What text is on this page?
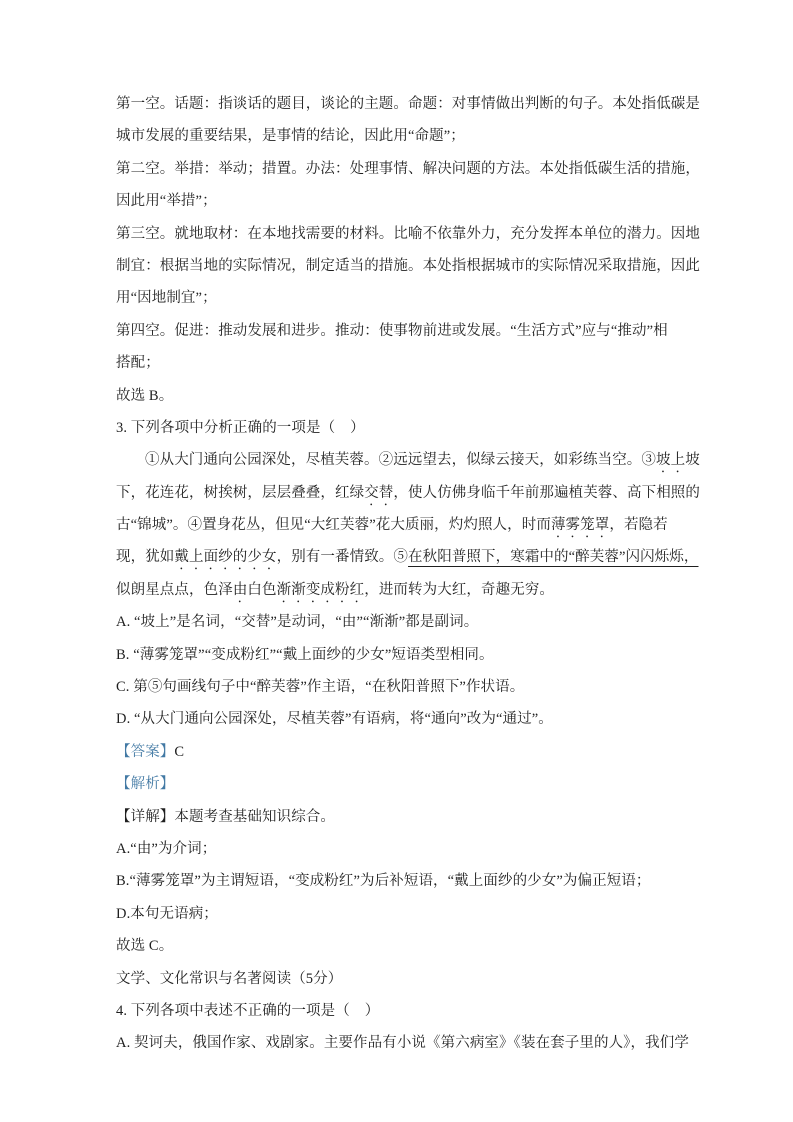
第一空。话题：指谈话的题目，谈论的主题。命题：对事情做出判断的句子。本处指低碳是
城市发展的重要结果，是事情的结论，因此用“命题”；
第二空。举措：举动；措置。办法：处理事情、解决问题的方法。本处指低碳生活的措施，
因此用“举措”；
第三空。就地取材：在本地找需要的材料。比喻不依靠外力，充分发挥本单位的潜力。因地
制宜：根据当地的实际情况，制定适当的措施。本处指根据城市的实际情况采取措施，因此
用“因地制宜”；
第四空。促进：推动发展和进步。推动：使事物前进或发展。“生活方式”应与“推动”相
搭配；
故选 B。
3. 下列各项中分析正确的一项是（    ）
①从大门通向公园深处，尽植芙蓉。②远远望去，似绿云接天，如彩练当空。③坡上坡
下，花连花，树挨树，层层叠叠，红绿交替，使人仿佛身临千年前那遍植芙蓉、高下相照的
古“锦城”。④置身花丛，但见“大红芙蓉”花大质丽，灼灼照人，时而薄雾笼罩，若隐若
现，犹如戴上面纱的少女，别有一番情致。⑤在秋阳普照下，寒霜中的“醉芙蓉”闪闪烁烁，
似朗星点点，色泽由白色渐渐变成粉红，进而转为大红，奇趣无穷。
A. “坡上”是名词，“交替”是动词，“由”“渐渐”都是副词。
B. “薄雾笼罩”“变成粉红”“戴上面纱的少女”短语类型相同。
C. 第⑤句画线句子中“醉芙蓉”作主语，“在秋阳普照下”作状语。
D. “从大门通向公园深处，尽植芙蓉”有语病，将“通向”改为“通过”。
【答案】C
【解析】
【详解】本题考查基础知识综合。
A.“由”为介词；
B.“薄雾笼罩”为主谓短语，“变成粉红”为后补短语，“戴上面纱的少女”为偏正短语；
D.本句无语病；
故选 C。
文学、文化常识与名著阅读（5分）
4. 下列各项中表述不正确的一项是（    ）
A. 契诃夫，俄国作家、戏剧家。主要作品有小说《第六病室》《装在套子里的人》，我们学
